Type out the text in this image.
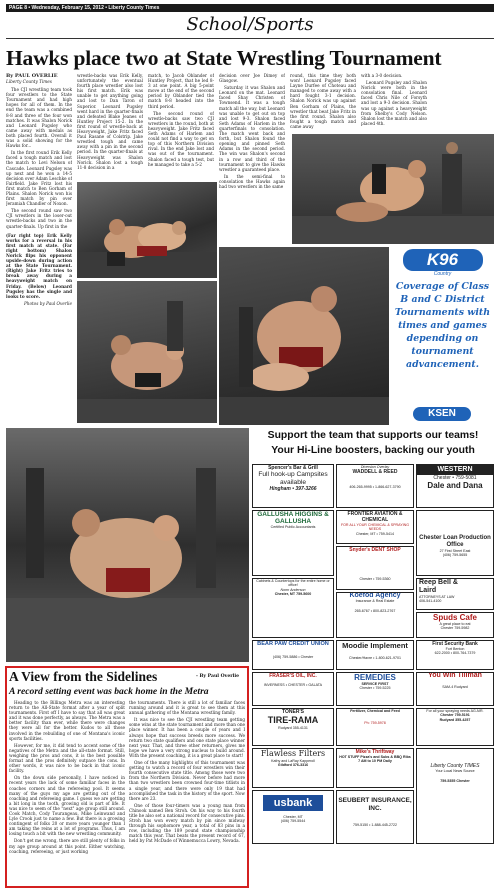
PAGE 8 • Wednesday, February 15, 2012 • Liberty County Times
School/Sports
Hawks place two at State Wrestling Tournament
By PAUL OVERLIE
Liberty County Times

The CJI wrestling team took four wrestlers to the State Tournament and had high hopes for all of them. In the end the team was a combined 8-8 and three of the four won matches. It was Shalon Norick and Leonard Pugsley who came away with medals as both placed fourth. Overall it was a solid showing for the Hawks for...

In the first round Erik Kelly faced a tough match and lost the match to Levi Nelson of Cascade. Leonard Pugsley was up next and he won a 14-5 decision over Adam Leschke of Fairfield. Jake Fritz lost his first match to Ben Gorham of Plains. Shalon Norick won his first match by pin over Jeramiah Chandler of Noxon.

The second round saw two CJI wrestlers in the loser-out wrestle-backs and two in the quarter-finals. Up first in the

(Far right top) Erik Kelly works for a reversal in his first match at state. (Far right bottom) Shalon Norick flips his opponent upside-down during action at the State Tournament. (Right) Jake Fritz tries to break away during a heavyweight match on Friday. (Below) Leonard Pugsley has the single and looks to score.

Photos by Paul Overlie

wrestle-backs was Erik Kelly, unfortunately the eventual fourth place wrestler also lost his first match. Erik was unable to get anything going and lost to Dan Taron of Superior. Leonard Pugsley went hard in the quarter-finals and defeated Blake Jeanes of Huntley Project 15-2. In the first round of wrestle-back at Heavyweight, Jake Fritz faced Paul Rasane of Colstrip. Jake wrestled tough and came away with a pin in the second period. In the quarter-finals at Heavyweight was Shalon Norick. Shalon lost a tough 11-8 decision in a

match, to Jacob Oblander of Huntley Project, that he led 8-3 at one point. A big 5-point move at the end of the second period by Oblander tied the match 8-8 headed into the third period.

The second round of wrestle-backs saw two CJI wrestlers in the round, both at heavyweight. Jake Fritz faced Seth Adams of Harlem and could not find a way to get on top of this Northern Division rival. In the end Jake lost and was out of the tournament. Shalon faced a tough test, but he managed to take a 5-2

decision over Joe Dimey of Glasgow.

Saturday it was Shalon and Leonard on the mat. Leonard faced Shay Christen of Townsend. It was a tough match all the way, but Leonard was unable to get out on top and lost 9-3. Shalon faced Seth Adams of Harlem in the quarterfinals to consolation. The match went back and forth, but Shalon found the opening and pinned Seth Adams in the second period. The win was Shalon's second in a row and third of the tournament to give the Hawks wrestler a guaranteed place.

In the semi-final to consolation the Hawks again had two wrestlers in the same

round, this time they both won! Leonard Pugsley faced Layne Durfee of Choteau and managed to come away with a hard fought 3-1 decision. Shalon Norick was up against Ben Gorham of Plains, the wrestler that beat Jake Fritz in the first round. Shalon also fought a tough match and came away

with a 3-0 decision.

Leonard Pugsley and Shalon Norick were both in the consolation final. Leonard faced Chris Nile of Forsyth and lost a 9-3 decision. Shalon was up against a heavyweight from Shelby's Cody Nelson. Shalon lost the match and also placed 4th.

K96
Country
Coverage of Class B and C District Tournaments with times and games depending on tournament advancement.
KSEN
Support the team that supports our teams!
Your Hi-Line boosters, backing our youth
A View from the Sidelines	- By Paul Overlie
A record setting event was back home in the Metra

Heading to the Billings Metra was an interesting return to the All-State format after a year of split tournaments. First off I have to say that all was great and it was done perfectly, as always. The Metra was a better facility than ever, while there were changes they were all for the better. Kudos to all those involved in the rebuilding of one of Montana's iconic sports facilities.

However, for me, it did tend to accent some of the negatives of the Metra and the all-state format. Still, weighing the pros and cons, it is the best possible format and the pros definitely outpace the cons. In other words, it was nice to be back in that iconic facility.

On the down side personally, I have noticed in recent years the lack of some familiar faces in the coaches corners and the refereeing pool. It seems many of the guys my age are getting out of the coaching and refereeing game. I guess we are getting a bit long in the tooth, growing old is part of life. It was nice to seem of the "next" age group still around. Cook Match, Cody Tourangeau, Mike Leinwand and Lyle Crook just to name a few. But there is a growing contingent of folks 20 or more years younger than I am taking the reins at a lot of programs. Thus, I am losing touch a bit with the new wrestling community.

Don't get me wrong, there are still plenty of folks in my age group around at this point. Either watching, coaching, refereeing, or just working

the tournaments. There is still a lot of familiar faces running around and it is great to see them at this annual gathering of the Montana wrestling family.

It was nice to see the CJI wrestling team getting some wins at the state tournament and more than one place winner. It has been a couple of years and I always hope that success breeds more success. We return two state qualifiers and one state place winner next year. That, and three other returners, gives me hope we have a very strong nucleus to build around. With the present coaching, it is a great place to start!

One of the many highlights of this tournament was getting to watch a record of four wrestlers win their fourth consecutive state title. Among those were two from the Northern Division. Never before had more than two wrestlers been crowned four-time titlists in a single year, and there were only 19 that had accomplished the task in the history of the sport. Now there are 23.

One of those four-timers was a young man from Chinook named Ben Stroh. On his way to his fourth title he also set a national record for consecutive pins. Stroh has won every match by pin since midway through his sophomore year, a total of 83 pins in a row, including the 189 pound state championship match this year. That beats the present record of 67, held by Pat McDade of Winnemucca Lowry, Nevada.

Spencer's Bar & Grill
Full hook-up Campsites available
Hingham • 397-3266
Diversion Overlay
WADDELL & REED
406-265-9995 • 1-866-627-3790
WESTERN
Chester • 759-5081
Dale and Dana
GALLUSHA HIGGINS & GALLUSHA
Certified Public Accountants
FRONTIER AVIATION & CHEMICAL
FOR ALL YOUR CHEMICAL & SPRAYING NEEDS
Chester, MT • 759-5414
Snyder's DENT SHOP
Chester • 759-5360
Chester Loan Production Office
27 First Street East
(406) 759-5655
Reep Bell & Laird
ATTORNEYS AT LAW
406-541-4100
Cabinets & Countertops for the entire home or office!
Norm Anderson
Chester, MT 759-5600	Koefod Agency
Insurance & Real Estate
265-6767 • 800-823-2767
Spuds Cafe
A great place to eat
Chester 759-5982
BEAR PAW CREDIT UNION
(406) 759-5886 • Chester
Moodie Implement
Chester/Havre • 1-800-621-9701
First Security Bank
Fort Benton
622-2000 • 800-764-7379
FRASER'S OIL, INC.
INVERNESS • CHESTER • GALATA
REMEDIES
SERVICE FIRST
Chester • 759-5225
You Win Tillman
SAM-4 Rudyard
TONER'S
TIRE-RAMA
Rudyard 355-4131
Fertilizer, Chemical and Feed
Ph: 759-5978
For all your spraying needs AG AIR.
Chester 759-5191
Rudyard 355-4257
Flawless Filters
Kathy and LaRay Kapperoll
Gildford 376-3316
Mike's Thriftway
HOT STUFF Pizza's and Subs & BBQ Ribs
7 AM to 10 PM Daily
Liberty County TIMES
Your Local News Source
759-5355 Chester
usbank
Chester, MT
(406) 759-5544
SEUBERT INSURANCE, INC.
759-5150 • 1-888-445-2722
